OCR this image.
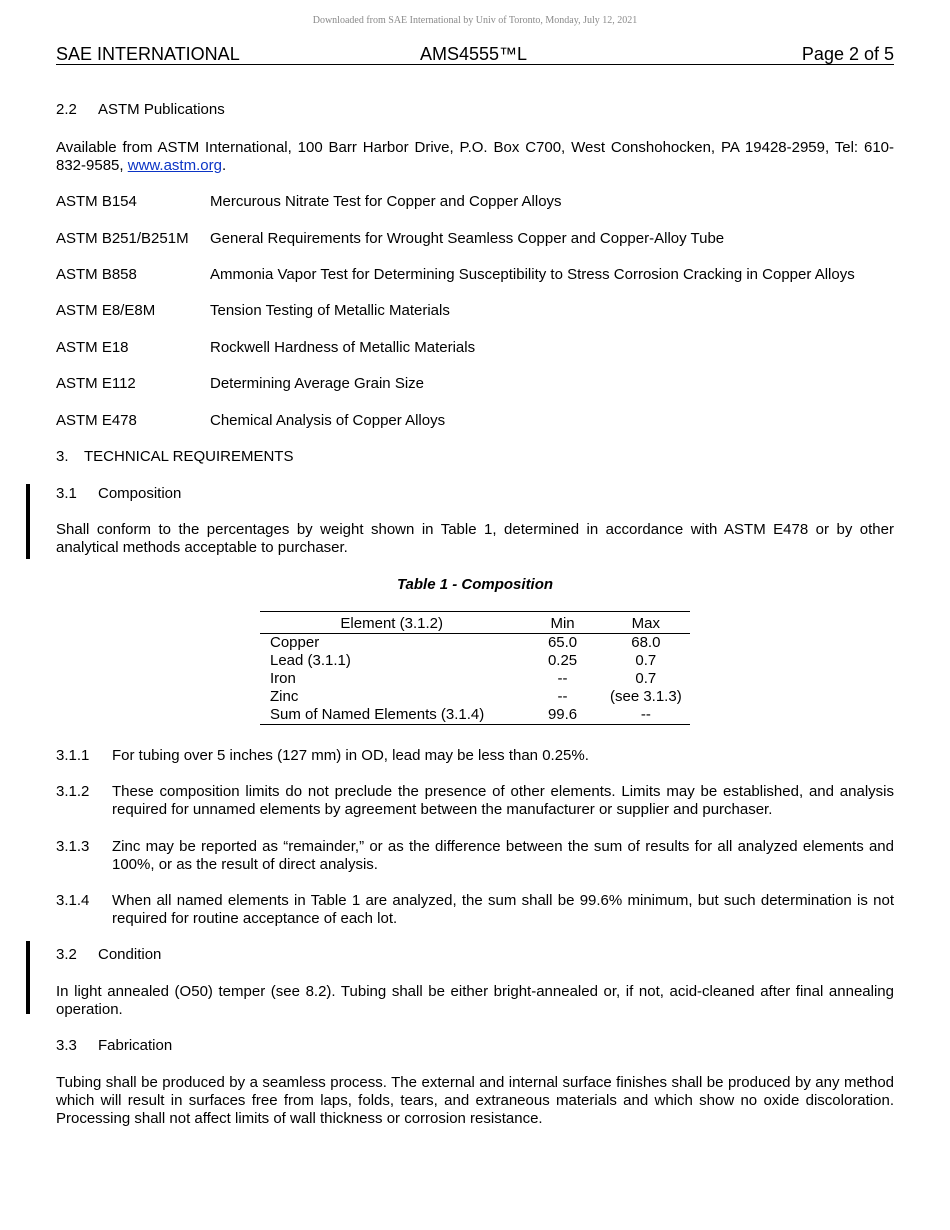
Downloaded from SAE International by Univ of Toronto, Monday, July 12, 2021
SAE INTERNATIONAL	AMS4555™L	Page 2 of 5
2.2 ASTM Publications
Available from ASTM International, 100 Barr Harbor Drive, P.O. Box C700, West Conshohocken, PA 19428-2959, Tel: 610-832-9585, www.astm.org.
ASTM B154	Mercurous Nitrate Test for Copper and Copper Alloys
ASTM B251/B251M General Requirements for Wrought Seamless Copper and Copper-Alloy Tube
ASTM B858	Ammonia Vapor Test for Determining Susceptibility to Stress Corrosion Cracking in Copper Alloys
ASTM E8/E8M	Tension Testing of Metallic Materials
ASTM E18	Rockwell Hardness of Metallic Materials
ASTM E112	Determining Average Grain Size
ASTM E478	Chemical Analysis of Copper Alloys
3. TECHNICAL REQUIREMENTS
3.1 Composition
Shall conform to the percentages by weight shown in Table 1, determined in accordance with ASTM E478 or by other analytical methods acceptable to purchaser.
Table 1 - Composition
Element (3.1.2)	Min	Max
Copper	65.0	68.0
Lead (3.1.1)	0.25	0.7
Iron	--	0.7
Zinc	--	(see 3.1.3)
Sum of Named Elements (3.1.4)	99.6	--
3.1.1 For tubing over 5 inches (127 mm) in OD, lead may be less than 0.25%.
3.1.2 These composition limits do not preclude the presence of other elements. Limits may be established, and analysis required for unnamed elements by agreement between the manufacturer or supplier and purchaser.
3.1.3 Zinc may be reported as “remainder,” or as the difference between the sum of results for all analyzed elements and 100%, or as the result of direct analysis.
3.1.4 When all named elements in Table 1 are analyzed, the sum shall be 99.6% minimum, but such determination is not required for routine acceptance of each lot.
3.2 Condition
In light annealed (O50) temper (see 8.2). Tubing shall be either bright-annealed or, if not, acid-cleaned after final annealing operation.
3.3 Fabrication
Tubing shall be produced by a seamless process. The external and internal surface finishes shall be produced by any method which will result in surfaces free from laps, folds, tears, and extraneous materials and which show no oxide discoloration. Processing shall not affect limits of wall thickness or corrosion resistance.
